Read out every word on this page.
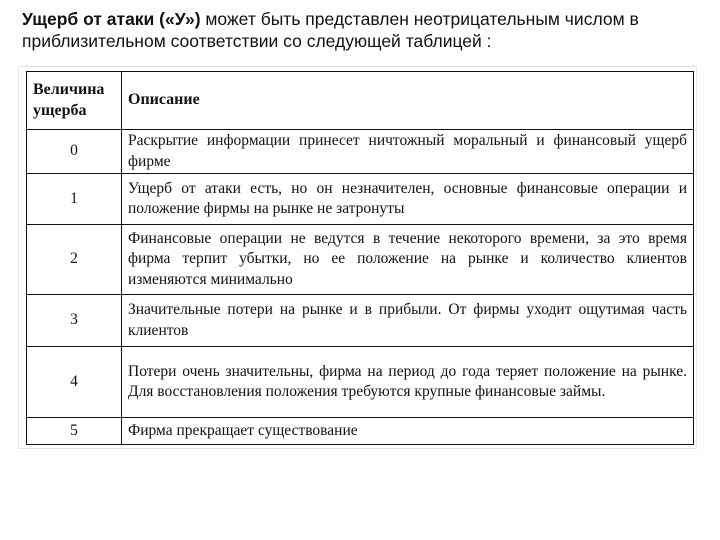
Ущерб от атаки («У») может быть представлен неотрицательным числом в приблизительном соответствии со следующей таблицей :
Величина ущерба	Описание
0	Раскрытие информации принесет ничтожный моральный и финансовый ущерб фирме
1	Ущерб от атаки есть, но он незначителен, основные финансовые операции и положение фирмы на рынке не затронуты
2	Финансовые операции не ведутся в течение некоторого времени, за это время фирма терпит убытки, но ее положение на рынке и количество клиентов изменяются минимально
3	Значительные потери на рынке и в прибыли. От фирмы уходит ощутимая часть клиентов
4	Потери очень значительны, фирма на период до года теряет положение на рынке. Для восстановления положения требуются крупные финансовые займы.
5	Фирма прекращает существование
